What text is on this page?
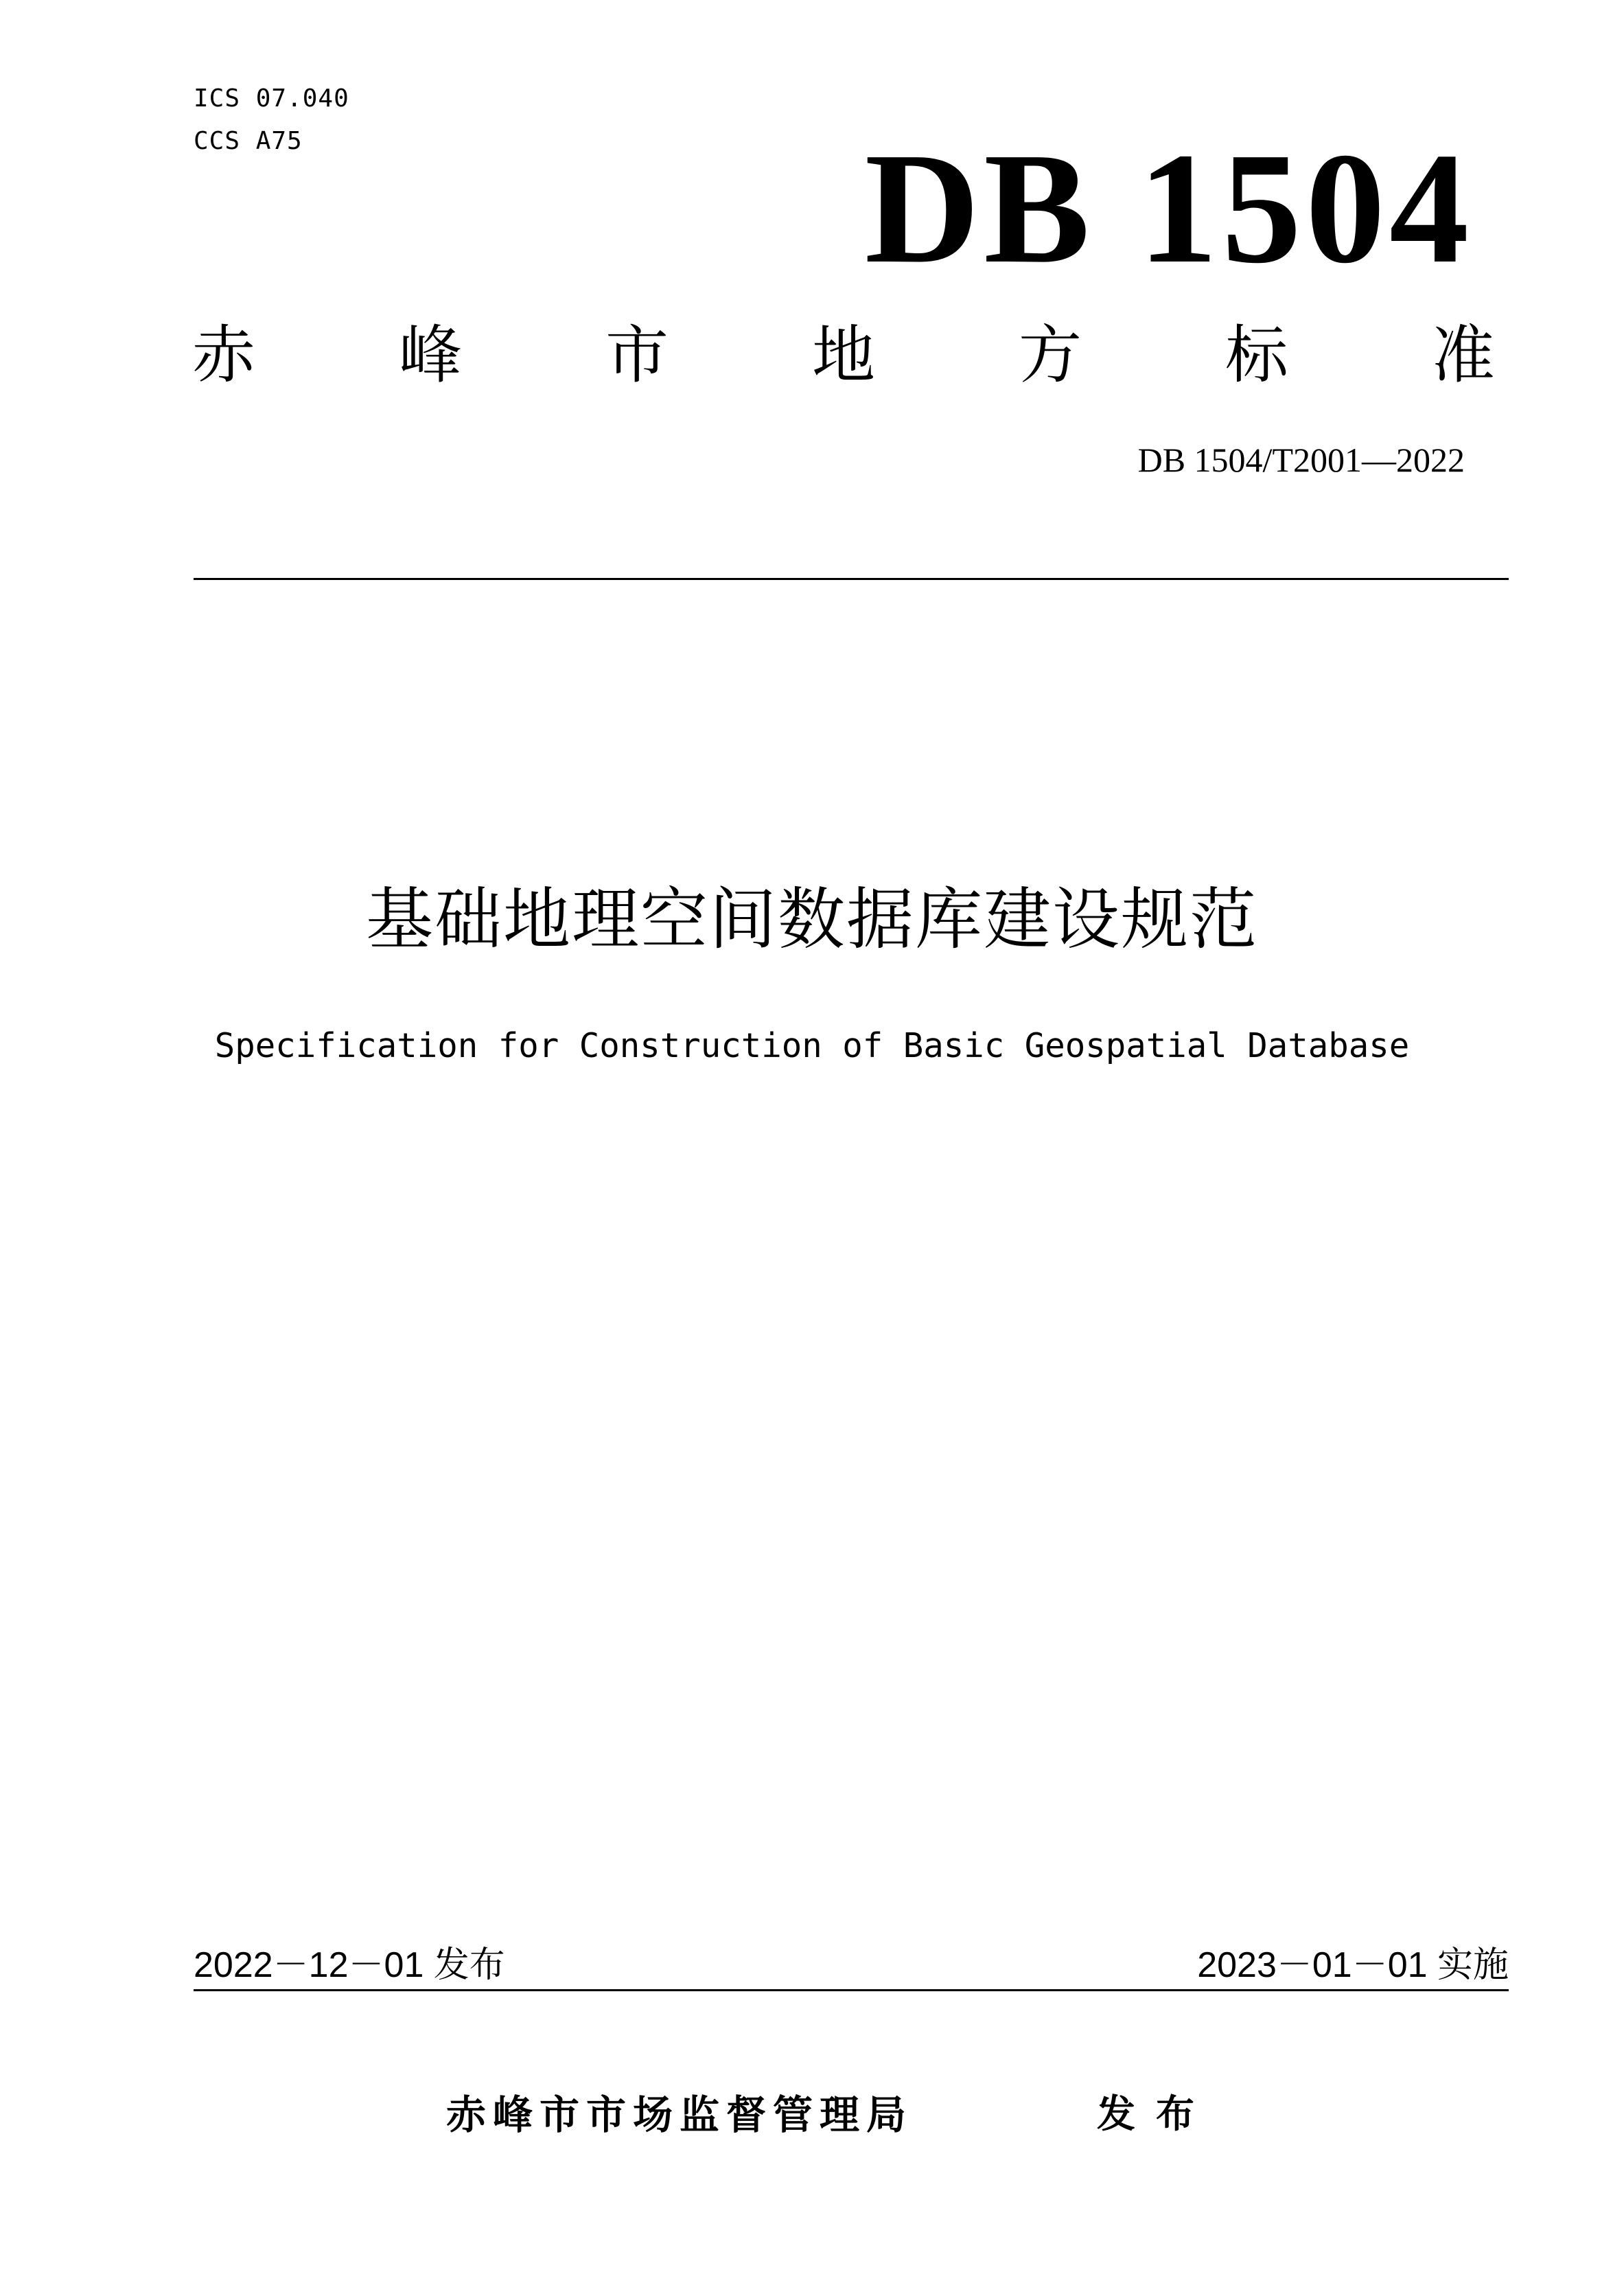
ICS 07.040
CCS A75	DB 1504
赤 峰 市 地 方 标 准
DB 1504/T2001—2022
基础地理空间数据库建设规范
Specification for Construction of Basic Geospatial Database
2022－12－01 发布	2023－01－01 实施
赤峰市市场监督管理局	发布
